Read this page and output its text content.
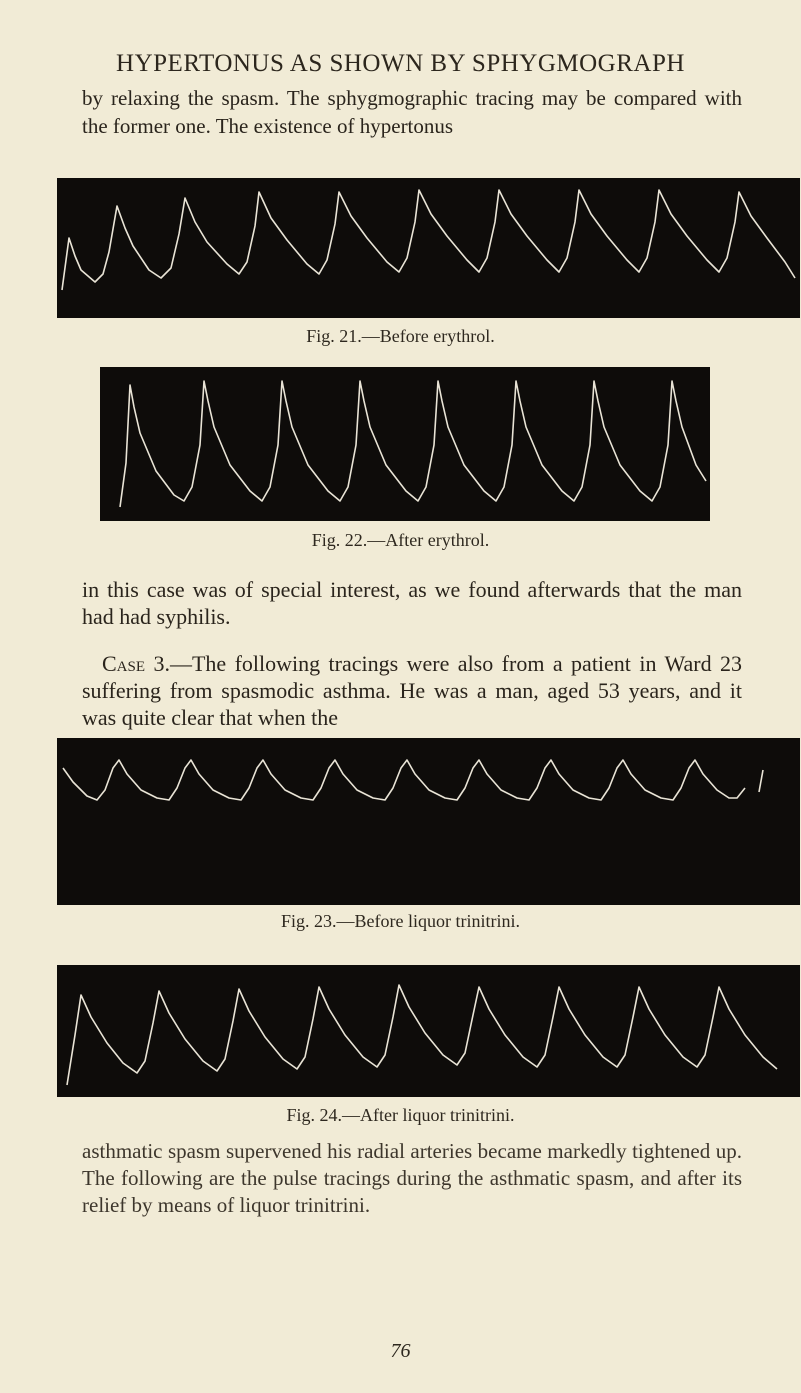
HYPERTONUS AS SHOWN BY SPHYGMOGRAPH
by relaxing the spasm. The sphygmographic tracing may be compared with the former one. The existence of hypertonus
Fig. 21.—Before erythrol.
Fig. 22.—After erythrol.
in this case was of special interest, as we found afterwards that the man had had syphilis.
Case 3.—The following tracings were also from a patient in Ward 23 suffering from spasmodic asthma. He was a man, aged 53 years, and it was quite clear that when the
Fig. 23.—Before liquor trinitrini.
Fig. 24.—After liquor trinitrini.
asthmatic spasm supervened his radial arteries became markedly tightened up. The following are the pulse tracings during the asthmatic spasm, and after its relief by means of liquor trinitrini.
76
